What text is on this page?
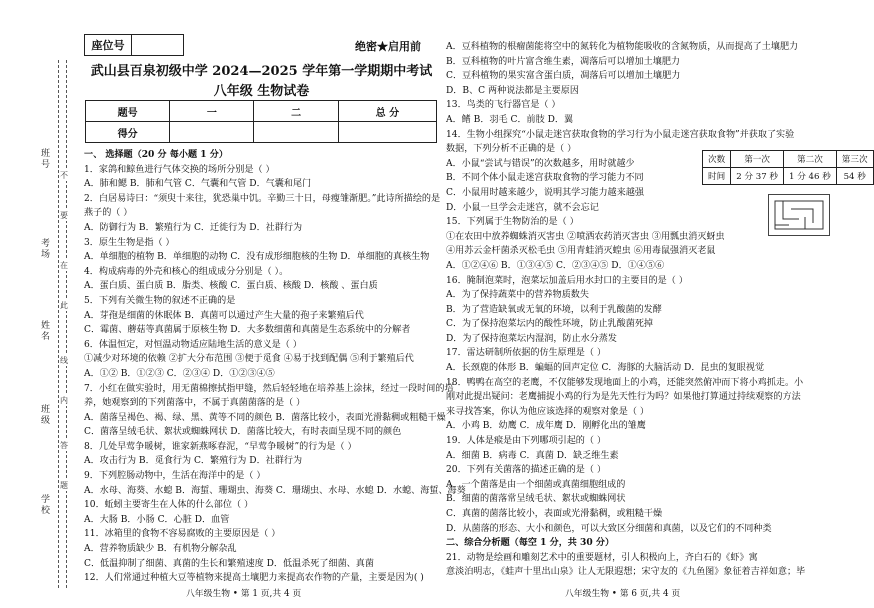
班号
考场
姓名
班级
学校
不
要
在
此
线
内
答
题
座位号	绝密★启用前
武山县百泉初级中学 2024—2025 学年第一学期期中考试
八年级 生物试卷
题号	一	二	总 分
得分			
一、 选择题（20 分 每小题 1 分）
1．家鸽和鲸鱼进行气体交换的场所分别是（ ）
A．肺和鳃 B．肺和气管 C．气囊和气管 D．气囊和尾门
2．白居易诗曰：“须臾十来往，犹恐巢中饥。辛勤三十日，母瘦雏渐肥。”此诗所描绘的是
燕子的（ ）
A．防御行为 B．繁殖行为 C．迁徙行为 D．社群行为
3．原生生物是指（ ）
A．单细胞的植物 B．单细胞的动物 C．没有成形细胞核的生物 D．单细胞的真核生物
4．构成病毒的外壳和核心的组成成分分别是（ ）。
A．蛋白质、蛋白质 B．脂类、核酸 C．蛋白质、核酸 D．核酸 、蛋白质
5．下列有关微生物的叙述不正确的是
A．芽孢是细菌的休眠体 B．真菌可以通过产生大量的孢子来繁殖后代
C．霉菌、蘑菇等真菌属于原核生物 D．大多数细菌和真菌是生态系统中的分解者
6．体温恒定，对恒温动物适应陆地生活的意义是（ ）
①减少对环境的依赖 ②扩大分布范围 ③便于觅食 ④易于找到配偶 ⑤利于繁殖后代
A．①② B．①②③ C．②③④ D．①②③④⑤
7．小红在做实验时，用无菌棉擦拭指甲缝，然后轻轻地在培养基上涂抹，经过一段时间的培
养，她观察到的下列菌落中，不属于真菌菌落的是（ ）
A．菌落呈褐色、褐、绿、黑、黄等不同的颜色 B．菌落比较小，表面光滑黏稠或粗糙干燥
C．菌落呈绒毛状、絮状或蜘蛛网状 D．菌落比较大，有时表面呈现不同的颜色
8．几处早莺争暖树，谁家新燕啄春泥，“早莺争暖树”的行为是（ ）
A．攻击行为 B．觅食行为 C．繁殖行为 D．社群行为
9．下列腔肠动物中，生活在海洋中的是（ ）
A．水母、海葵、水螅 B．海蜇、珊瑚虫、海葵 C．珊瑚虫、水母、水螅 D．水螅、海蜇、海葵
10．蚯蚓主要寄生在人体的什么部位（ ）
A．大肠 B．小肠 C．心脏 D．血管
11．冰箱里的食物不容易腐败的主要原因是（ ）
A．营养物质缺少 B．有机物分解杂乱
C．低温抑制了细菌、真菌的生长和繁殖速度 D．低温杀死了细菌、真菌
12．人们常通过种植大豆等植物来提高土壤肥力来提高农作物的产量，主要是因为( )
A．豆科植物的根瘤菌能将空中的氮转化为植物能吸收的含氮物质，从而提高了土壤肥力
B．豆科植物的叶片富含维生素，凋落后可以增加土壤肥力
C．豆科植物的果实富含蛋白质，凋落后可以增加土壤肥力
D．B、C 两种说法都是主要原因
13．鸟类的飞行器官是（ ）
A．鳍 B．羽毛 C．前肢 D．翼
14．生物小组探究“小鼠走迷宫获取食物的学习行为小鼠走迷宫获取食物”并获取了实验
数据，下列分析不正确的是（ ）
A．小鼠“尝试与错误”的次数越多，用时就越少
B．不同个体小鼠走迷宫获取食物的学习能力不同
C．小鼠用时越来越少，说明其学习能力越来越强
D．小鼠一旦学会走迷宫，就不会忘记
15．下列属于生物防治的是（ ）
①在农田中放养蜘蛛消灭害虫 ②喷洒农药消灭害虫 ③用瓢虫消灭蚜虫
④用苏云金杆菌杀灭松毛虫 ⑤用青蛙消灭蝗虫 ⑥用毒鼠强消灭老鼠
A．①②④⑥ B．①③④⑤ C．②③④⑤ D．①④⑤⑥
16．腌制泡菜时，泡菜坛加盖后用水封口的主要目的是（ ）
A．为了保持蔬菜中的营养物质数失
B．为了营造缺氧或无氧的环境，以利于乳酸菌的发酵
C．为了保持泡菜坛内的酸性环境，防止乳酸菌死掉
D．为了保持泡菜坛内湿润，防止水分蒸发
17．雷达研制所依据的仿生原理是（ ）
A．长颈鹿的体形 B．蝙蝠的回声定位 C．海豚的大脑活动 D．昆虫的复眼视觉
18．鸭鸭在高空的老鹰，不仅能够发现地面上的小鸡，还能突然俯冲而下将小鸡抓走。小
刚对此提出疑问：老鹰捕捉小鸡的行为是先天性行为吗？如果他打算通过持续观察的方法
来寻找答案，你认为他应该选择的观察对象是（ ）
A．小鸡 B．幼鹰 C．成年鹰 D．刚孵化出的雏鹰
19．人体是瘊是由下列哪项引起的（ ）
A．细菌 B．病毒 C．真菌 D．缺乏维生素
20．下列有关菌落的描述正确的是（ ）
A．一个菌落是由一个细菌或真菌细胞组成的
B．细菌的菌落常呈绒毛状、絮状或蜘蛛网状
C．真菌的菌落比较小，表面或光滑黏稠，或粗糙干燥
D．从菌落的形态、大小和颜色，可以大致区分细菌和真菌，以及它们的不同种类
二、综合分析题（每空 1 分，共 30 分）
21．动物是绘画和雕刻艺术中的重要题材，引人积极向上，齐白石的《虾》寓
意淡泊明志，《蛙声十里出山泉》让人无限遐想；宋守友的《九鱼图》象征着吉祥如意；毕
次数	第一次	第二次	第三次
时间	2 分 37 秒	1 分 46 秒	54 秒
八年级生物 • 第 1 页,共 4 页	八年级生物 • 第 6 页,共 4 页
